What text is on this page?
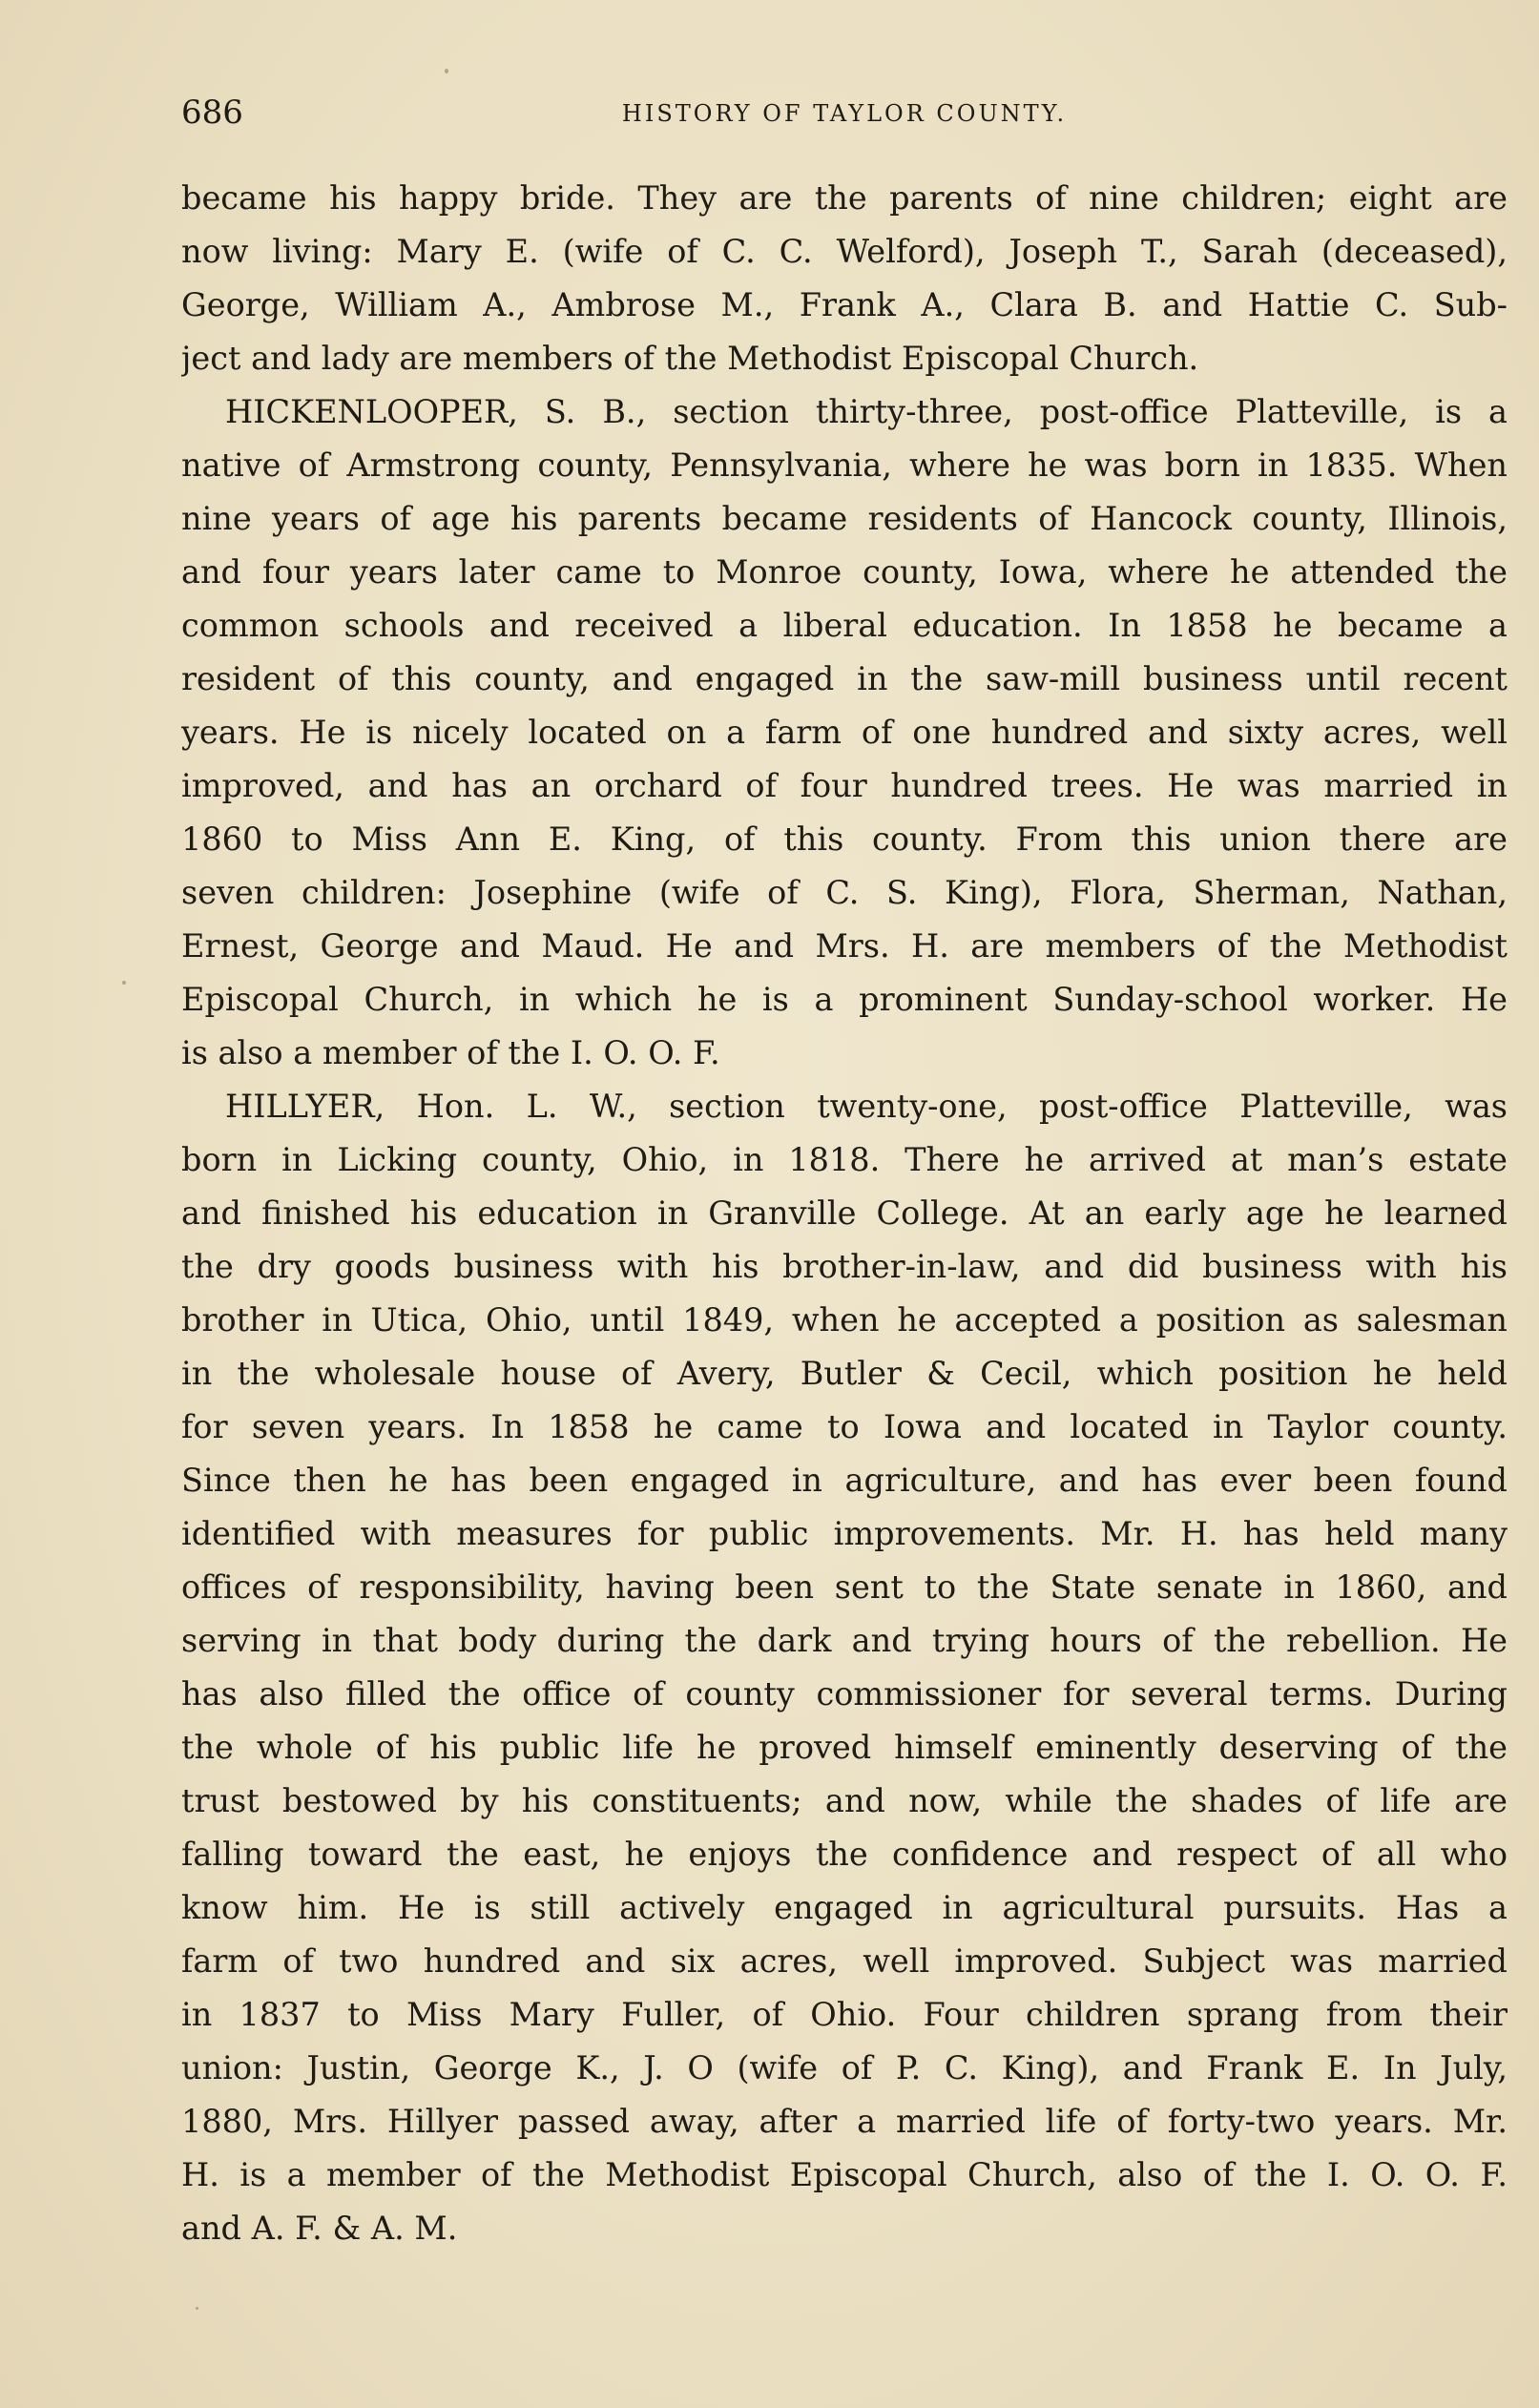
686	HISTORY OF TAYLOR COUNTY.
became his happy bride. They are the parents of nine children; eight are
now living: Mary E. (wife of C. C. Welford), Joseph T., Sarah (deceased),
George, William A., Ambrose M., Frank A., Clara B. and Hattie C. Sub-
ject and lady are members of the Methodist Episcopal Church.
HICKENLOOPER, S. B., section thirty-three, post-office Platteville, is a
native of Armstrong county, Pennsylvania, where he was born in 1835. When
nine years of age his parents became residents of Hancock county, Illinois,
and four years later came to Monroe county, Iowa, where he attended the
common schools and received a liberal education. In 1858 he became a
resident of this county, and engaged in the saw-mill business until recent
years. He is nicely located on a farm of one hundred and sixty acres, well
improved, and has an orchard of four hundred trees. He was married in
1860 to Miss Ann E. King, of this county. From this union there are
seven children: Josephine (wife of C. S. King), Flora, Sherman, Nathan,
Ernest, George and Maud. He and Mrs. H. are members of the Methodist
Episcopal Church, in which he is a prominent Sunday-school worker. He
is also a member of the I. O. O. F.
HILLYER, Hon. L. W., section twenty-one, post-office Platteville, was
born in Licking county, Ohio, in 1818. There he arrived at man’s estate
and finished his education in Granville College. At an early age he learned
the dry goods business with his brother-in-law, and did business with his
brother in Utica, Ohio, until 1849, when he accepted a position as salesman
in the wholesale house of Avery, Butler & Cecil, which position he held
for seven years. In 1858 he came to Iowa and located in Taylor county.
Since then he has been engaged in agriculture, and has ever been found
identified with measures for public improvements. Mr. H. has held many
offices of responsibility, having been sent to the State senate in 1860, and
serving in that body during the dark and trying hours of the rebellion. He
has also filled the office of county commissioner for several terms. During
the whole of his public life he proved himself eminently deserving of the
trust bestowed by his constituents; and now, while the shades of life are
falling toward the east, he enjoys the confidence and respect of all who
know him. He is still actively engaged in agricultural pursuits. Has a
farm of two hundred and six acres, well improved. Subject was married
in 1837 to Miss Mary Fuller, of Ohio. Four children sprang from their
union: Justin, George K., J. O (wife of P. C. King), and Frank E. In July,
1880, Mrs. Hillyer passed away, after a married life of forty-two years. Mr.
H. is a member of the Methodist Episcopal Church, also of the I. O. O. F.
and A. F. & A. M.
